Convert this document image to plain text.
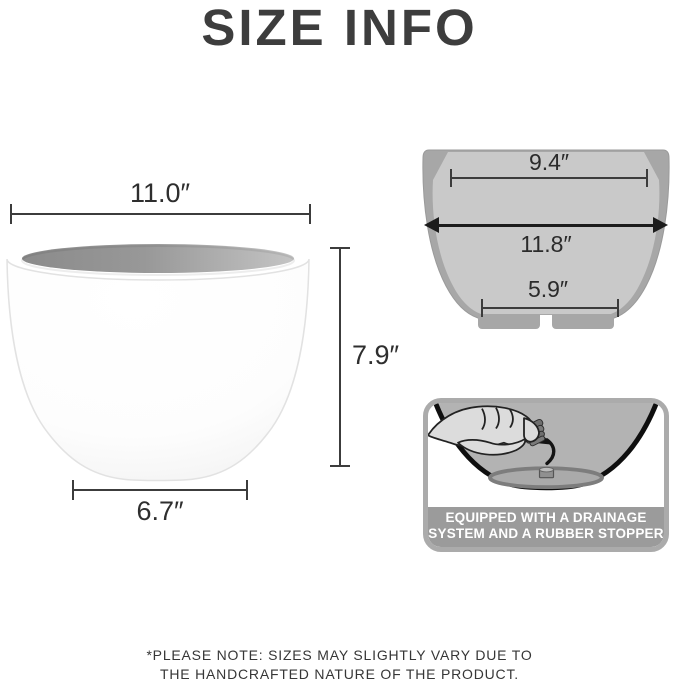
SIZE INFO
11.0″
7.9″
6.7″
9.4″
11.8″
5.9″
EQUIPPED WITH A DRAINAGE
SYSTEM AND A RUBBER STOPPER
*PLEASE NOTE: SIZES MAY SLIGHTLY VARY DUE TO
THE HANDCRAFTED NATURE OF THE PRODUCT.
